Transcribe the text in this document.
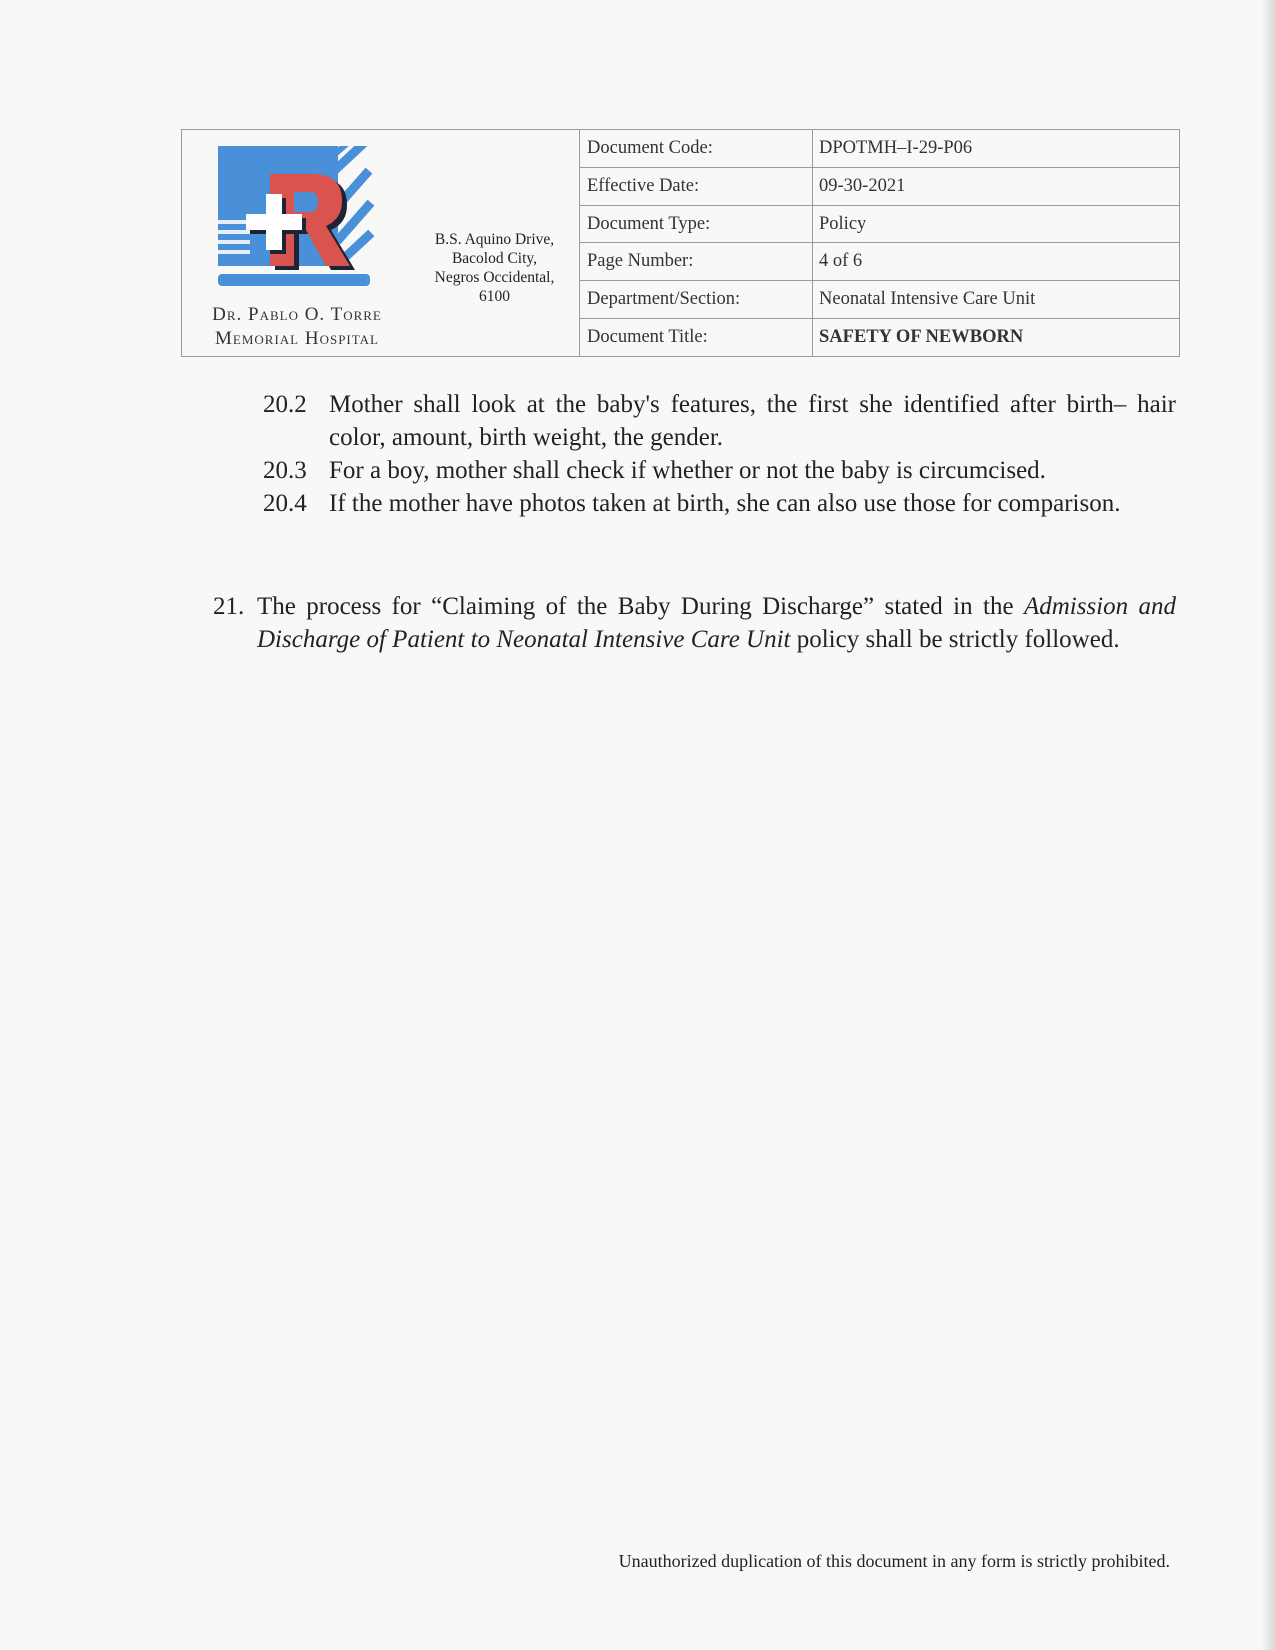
Dr. Pablo O. Torre
Memorial Hospital
B.S. Aquino Drive,
Bacolod City,
Negros Occidental,
6100
Document Code:	DPOTMH–I-29-P06
Effective Date:	09-30-2021
Document Type:	Policy
Page Number:	4 of 6
Department/Section:	Neonatal Intensive Care Unit
Document Title:	SAFETY OF NEWBORN
20.2 Mother shall look at the baby's features, the first she identified after birth– hair color, amount, birth weight, the gender.
20.3 For a boy, mother shall check if whether or not the baby is circumcised.
20.4 If the mother have photos taken at birth, she can also use those for comparison.
21. The process for “Claiming of the Baby During Discharge” stated in the Admission and Discharge of Patient to Neonatal Intensive Care Unit policy shall be strictly followed.
Unauthorized duplication of this document in any form is strictly prohibited.
